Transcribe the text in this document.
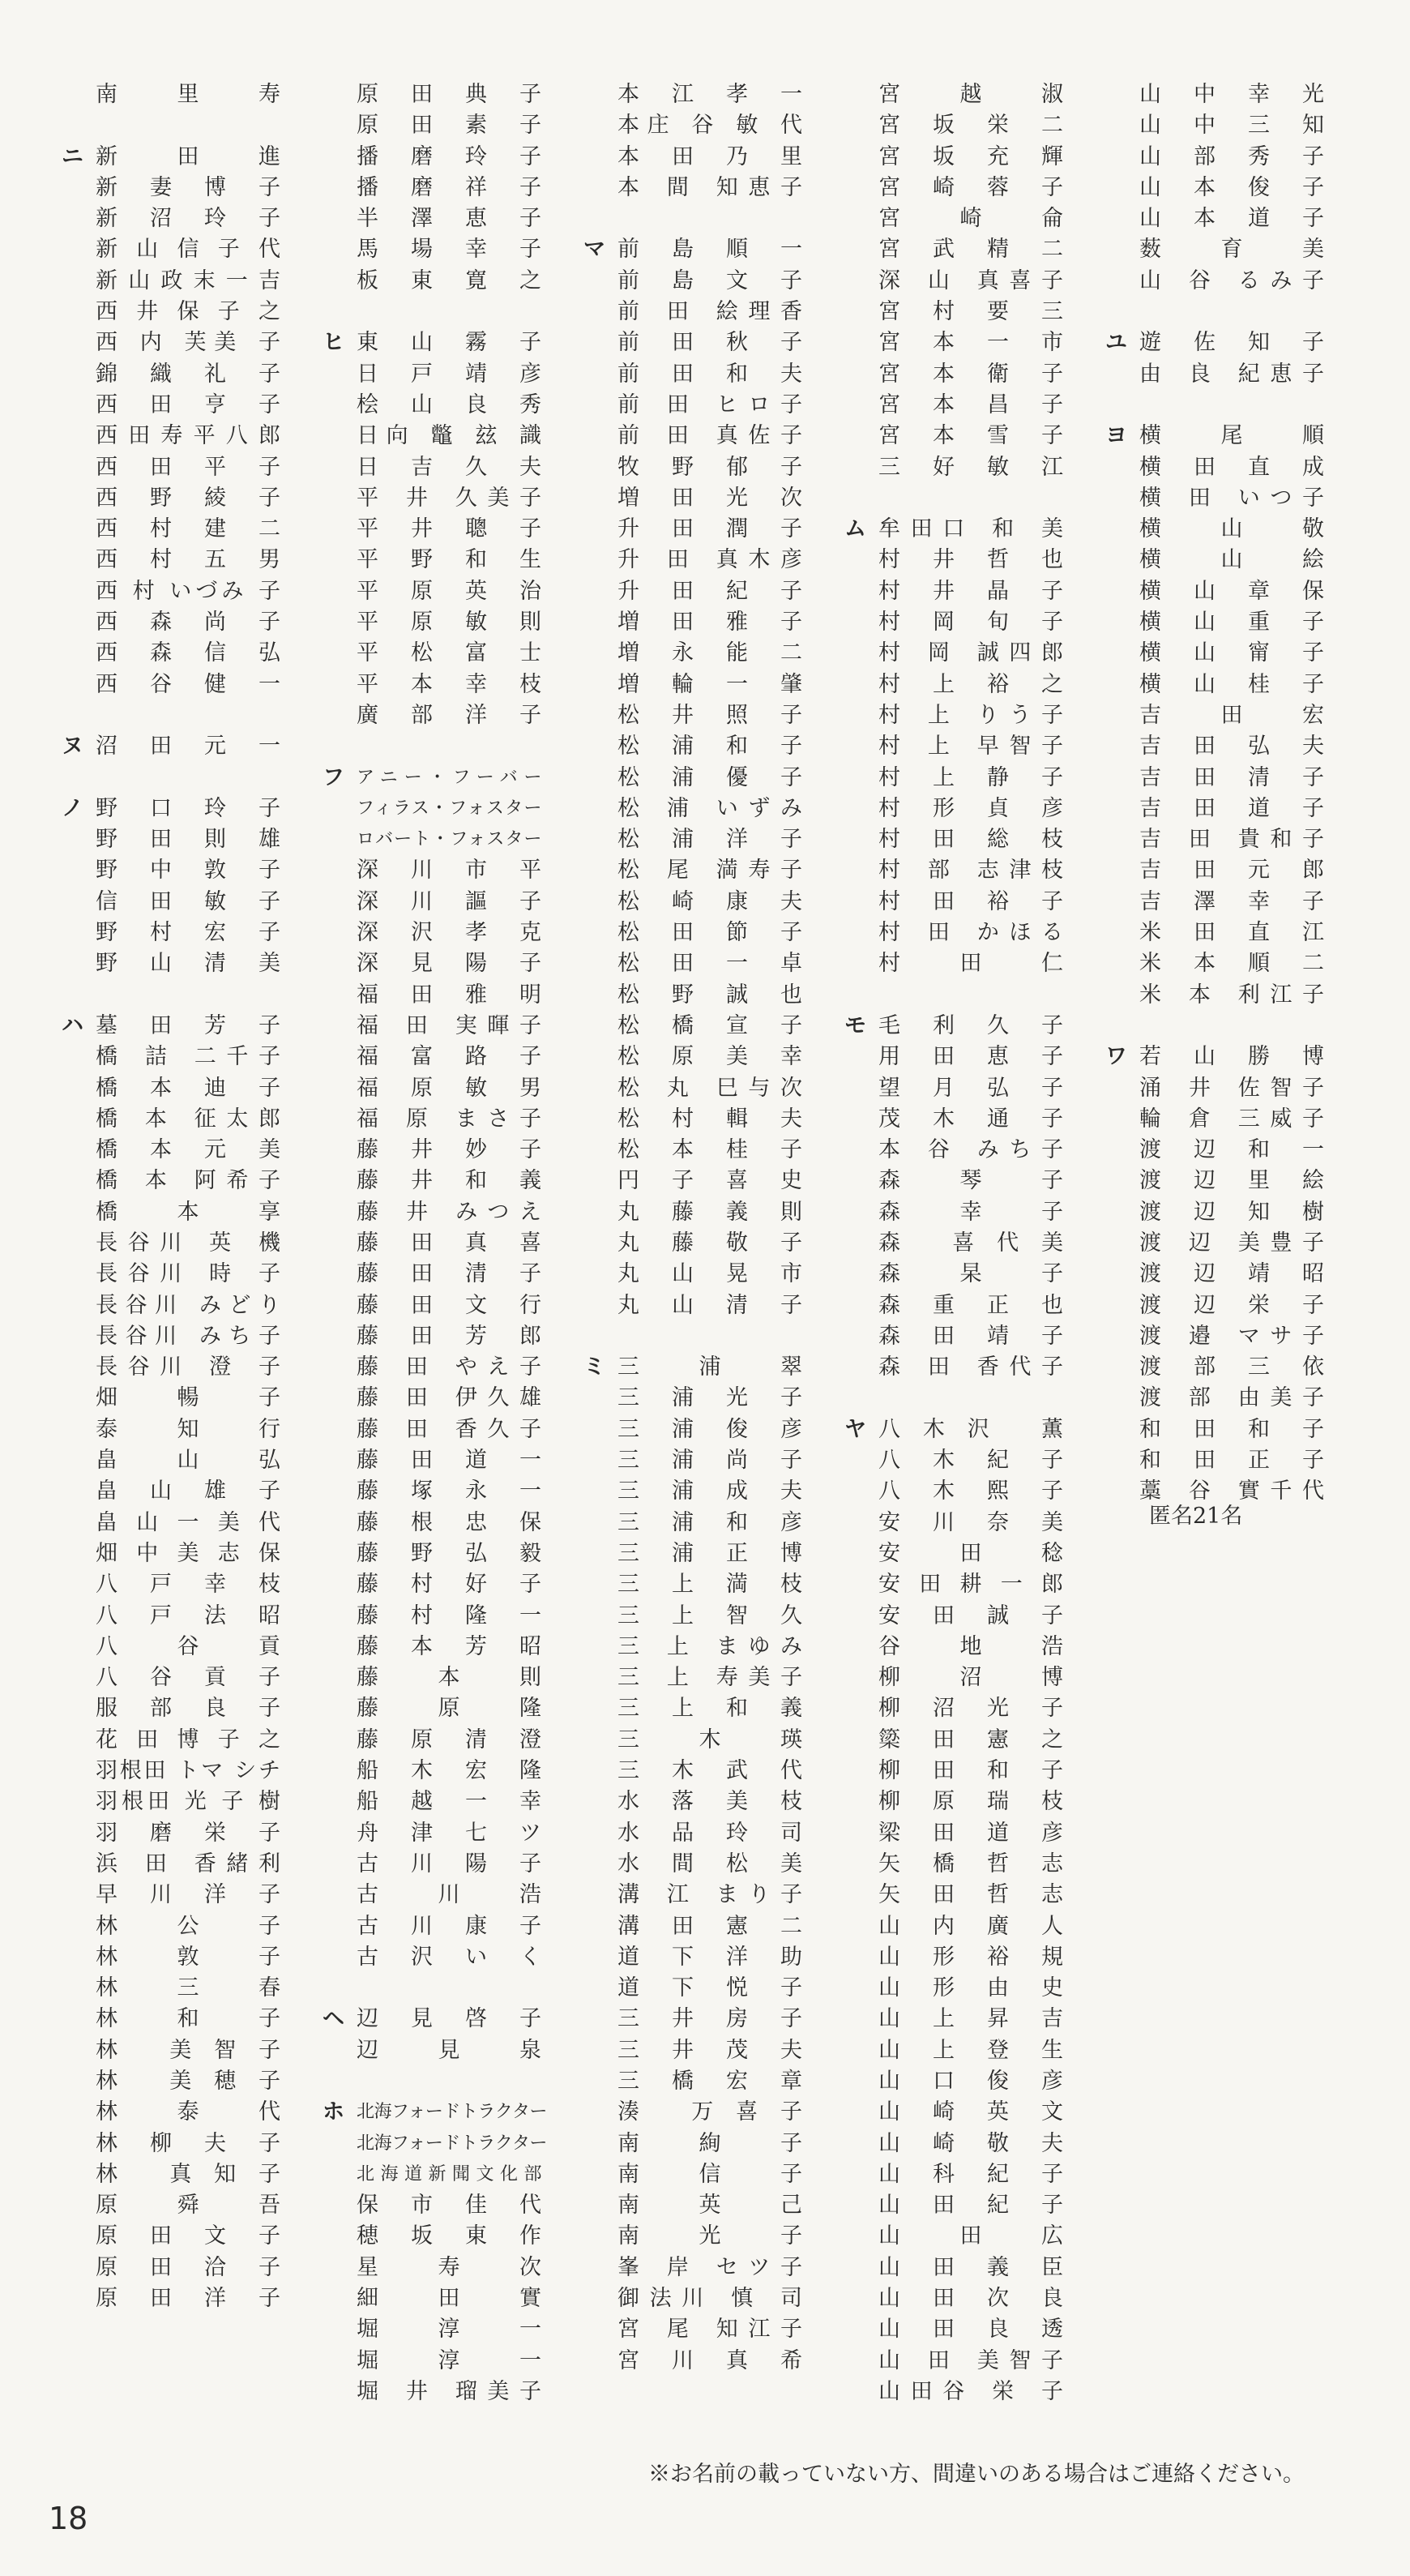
南 里 寿
ニ 新 田 進
新 妻 博 子
新 沼 玲 子
新 山 信 子 代
新 山 政 末 一 吉
西 井 保 子 之
西 内 芙美 子
錦 織 礼 子
西 田 亨 子
西 田 寿 平 八 郎
西 田 平 子
西 野 綾 子
西 村 建 二
西 村 五 男
西 村 いづみ 子
西 森 尚 子
西 森 信 弘
西 谷 健 一
ヌ 沼 田 元 一
ノ 野 口 玲 子
野 田 則 雄
野 中 敦 子
信 田 敏 子
野 村 宏 子
野 山 清 美
ハ 墓 田 芳 子
橋 詰 二千子
橋 本 迪 子
橋 本 征太郎
橋 本 元 美
橋 本 阿希子
橋 本 享
長谷川 英 機
長谷川 時 子
長谷川 みどり
長谷川 みち子
長谷川 澄 子
畑 暢 子
泰 知 行
畠 山 弘
畠 山 雄 子
畠 山 一 美 代
畑 中 美 志 保
八 戸 幸 枝
八 戸 法 昭
八 谷 貢
八 谷 貢 子
服 部 良 子
花 田 博 子 之
羽根田 トマ シチ
羽根田 光 子 樹
羽 磨 栄 子
浜 田 香緒利
早 川 洋 子
林 公 子
林 敦 子
林 三 春
林 和 子
林 美智子
林 美穂子
林 泰 代
林 柳 夫 子
林 真知子
原 舜 吾
原 田 文 子
原 田 洽 子
原 田 洋 子
原 田 典 子
原 田 素 子
播 磨 玲 子
播 磨 祥 子
半 澤 恵 子
馬 場 幸 子
板 東 寛 之
ヒ 東 山 霧 子
日 戸 靖 彦
桧 山 良 秀
日向 鼈 玆 識
日 吉 久 夫
平 井 久美子
平 井 聰 子
平 野 和 生
平 原 英 治
平 原 敏 則
平 松 富 士
平 本 幸 枝
廣 部 洋 子
フ アニー・フーバー
フィラス・フォスター
ロバート・フォスター
深 川 市 平
深 川 謳 子
深 沢 孝 克
深 見 陽 子
福 田 雅 明
福 田 実暉子
福 富 路 子
福 原 敏 男
福 原 まさ子
藤 井 妙 子
藤 井 和 義
藤 井 みつえ
藤 田 真 喜
藤 田 清 子
藤 田 文 行
藤 田 芳 郎
藤 田 やえ子
藤 田 伊久雄
藤 田 香久子
藤 田 道 一
藤 塚 永 一
藤 根 忠 保
藤 野 弘 毅
藤 村 好 子
藤 村 隆 一
藤 本 芳 昭
藤 本 則
藤 原 隆
藤 原 清 澄
船 木 宏 隆
船 越 一 幸
舟 津 七 ツ
古 川 陽 子
古 川 浩
古 川 康 子
古 沢 い く
ヘ 辺 見 啓 子
辺 見 泉
ホ 北海フォードトラクター
北海フォードトラクター
北海道新聞文化部
保 市 佳 代
穂 坂 東 作
星 寿 次
細 田 實
堀 淳 一
堀 淳 一
堀 井 瑠美子
本 江 孝 一
本庄 谷 敏 代
本 田 乃 里
本 間 知恵子
マ 前 島 順 一
前 島 文 子
前 田 絵理香
前 田 秋 子
前 田 和 夫
前 田 ヒロ子
前 田 真佐子
牧 野 郁 子
増 田 光 次
升 田 潤 子
升 田 真木彦
升 田 紀 子
増 田 雅 子
増 永 能 二
増 輪 一 肇
松 井 照 子
松 浦 和 子
松 浦 優 子
松 浦 いずみ
松 浦 洋 子
松 尾 満寿子
松 崎 康 夫
松 田 節 子
松 田 一 卓
松 野 誠 也
松 橋 宣 子
松 原 美 幸
松 丸 巳与次
松 村 輯 夫
松 本 桂 子
円 子 喜 史
丸 藤 義 則
丸 藤 敬 子
丸 山 晃 市
丸 山 清 子
ミ 三 浦 翠
三 浦 光 子
三 浦 俊 彦
三 浦 尚 子
三 浦 成 夫
三 浦 和 彦
三 浦 正 博
三 上 満 枝
三 上 智 久
三 上 まゆみ
三 上 寿美子
三 上 和 義
三 木 瑛
三 木 武 代
水 落 美 枝
水 品 玲 司
水 間 松 美
溝 江 まり子
溝 田 憲 二
道 下 洋 助
道 下 悦 子
三 井 房 子
三 井 茂 夫
三 橋 宏 章
湊 万喜子
南 絢 子
南 信 子
南 英 己
南 光 子
峯 岸 セツ子
御法川 慎 司
宮 尾 知江子
宮 川 真 希
宮 越 淑
宮 坂 栄 二
宮 坂 充 輝
宮 崎 蓉 子
宮 崎 侖
宮 武 精 二
深 山 真喜子
宮 村 要 三
宮 本 一 市
宮 本 衛 子
宮 本 昌 子
宮 本 雪 子
三 好 敏 江
ム 牟田口 和 美
村 井 哲 也
村 井 晶 子
村 岡 旬 子
村 岡 誠四郎
村 上 裕 之
村 上 りう子
村 上 早智子
村 上 静 子
村 形 貞 彦
村 田 総 枝
村 部 志津枝
村 田 裕 子
村 田 かほる
村 田 仁
モ 毛 利 久 子
用 田 恵 子
望 月 弘 子
茂 木 通 子
本 谷 みち子
森 琴 子
森 幸 子
森 喜代美
森 杲 子
森 重 正 也
森 田 靖 子
森 田 香代子
ヤ 八木沢 薫
八 木 紀 子
八 木 熙 子
安 川 奈 美
安 田 稔
安 田 耕 一 郎
安 田 誠 子
谷 地 浩
柳 沼 博
柳 沼 光 子
簗 田 憲 之
柳 田 和 子
柳 原 瑞 枝
梁 田 道 彦
矢 橋 哲 志
矢 田 哲 志
山 内 廣 人
山 形 裕 規
山 形 由 史
山 上 昇 吉
山 上 登 生
山 口 俊 彦
山 崎 英 文
山 崎 敬 夫
山 科 紀 子
山 田 紀 子
山 田 広
山 田 義 臣
山 田 次 良
山 田 良 透
山 田 美智子
山田谷 栄 子
山 中 幸 光
山 中 三 知
山 部 秀 子
山 本 俊 子
山 本 道 子
薮 育 美
山 谷 るみ子
ユ 遊 佐 知 子
由 良 紀恵子
ヨ 横 尾 順
横 田 直 成
横 田 いつ子
横 山 敬
横 山 絵
横 山 章 保
横 山 重 子
横 山 甯 子
横 山 桂 子
吉 田 宏
吉 田 弘 夫
吉 田 清 子
吉 田 道 子
吉 田 貴和子
吉 田 元 郎
吉 澤 幸 子
米 田 直 江
米 本 順 二
米 本 利江子
ワ 若 山 勝 博
涌 井 佐智子
輪 倉 三威子
渡 辺 和 一
渡 辺 里 絵
渡 辺 知 樹
渡 辺 美豊子
渡 辺 靖 昭
渡 辺 栄 子
渡 邉 マサ子
渡 部 三 依
渡 部 由美子
和 田 和 子
和 田 正 子
藁 谷 實千代
匿名21名
※お名前の載っていない方、間違いのある場合はご連絡ください。
18
